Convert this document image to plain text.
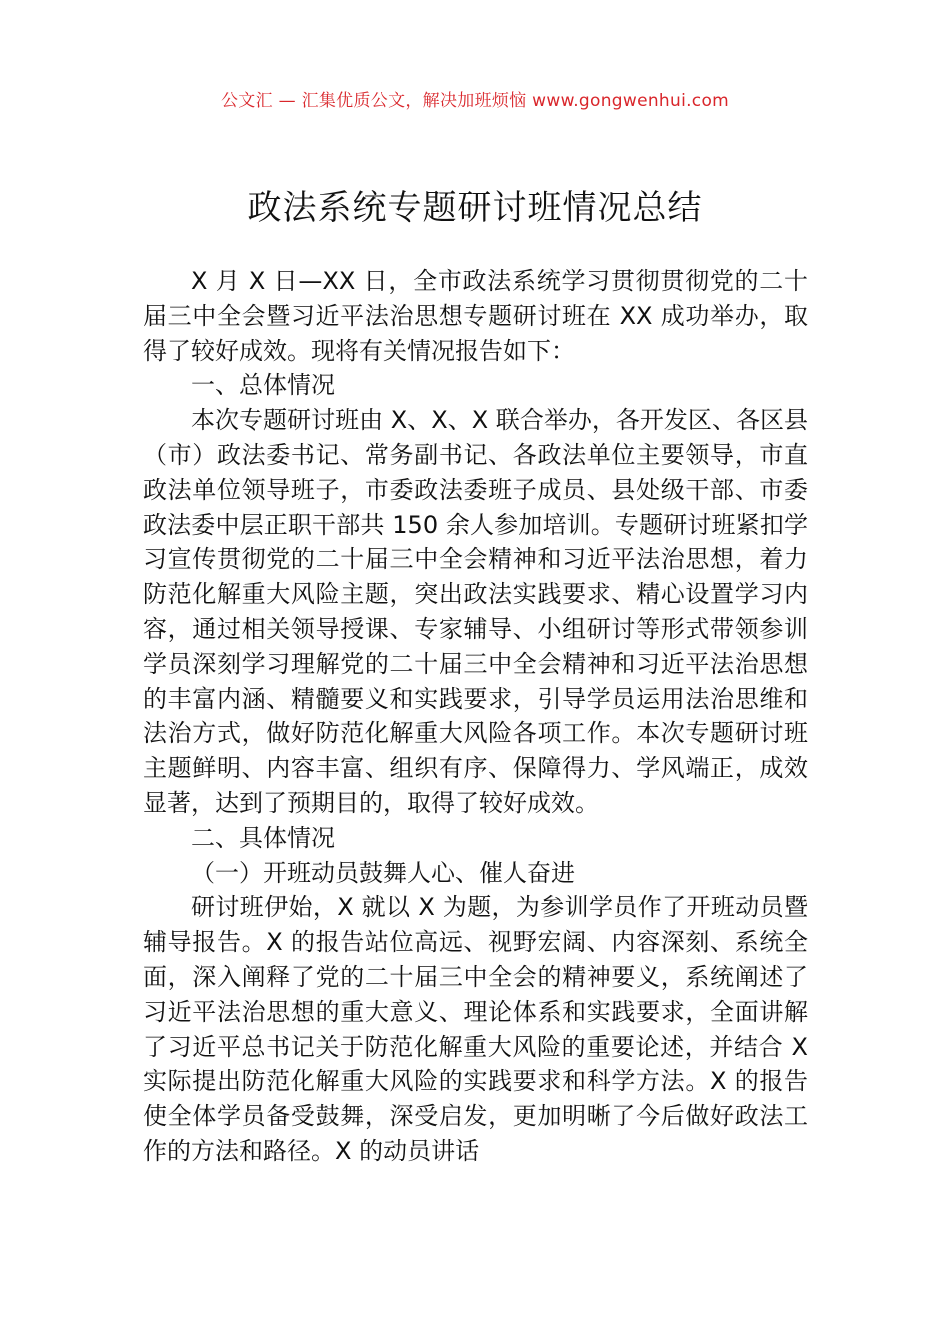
公文汇 — 汇集优质公文，解决加班烦恼 www.gongwenhui.com
政法系统专题研讨班情况总结

X 月 X 日—XX 日，全市政法系统学习贯彻贯彻党的二十届三中全会暨习近平法治思想专题研讨班在 XX 成功举办，取得了较好成效。现将有关情况报告如下：

一、总体情况

本次专题研讨班由 X、X、X 联合举办，各开发区、各区县（市）政法委书记、常务副书记、各政法单位主要领导，市直政法单位领导班子，市委政法委班子成员、县处级干部、市委政法委中层正职干部共 150 余人参加培训。专题研讨班紧扣学习宣传贯彻党的二十届三中全会精神和习近平法治思想，着力防范化解重大风险主题，突出政法实践要求、精心设置学习内容，通过相关领导授课、专家辅导、小组研讨等形式带领参训学员深刻学习理解党的二十届三中全会精神和习近平法治思想的丰富内涵、精髓要义和实践要求，引导学员运用法治思维和法治方式，做好防范化解重大风险各项工作。本次专题研讨班主题鲜明、内容丰富、组织有序、保障得力、学风端正，成效显著，达到了预期目的，取得了较好成效。

二、具体情况

（一）开班动员鼓舞人心、催人奋进

研讨班伊始，X 就以 X 为题，为参训学员作了开班动员暨辅导报告。X 的报告站位高远、视野宏阔、内容深刻、系统全面，深入阐释了党的二十届三中全会的精神要义，系统阐述了习近平法治思想的重大意义、理论体系和实践要求，全面讲解了习近平总书记关于防范化解重大风险的重要论述，并结合 X 实际提出防范化解重大风险的实践要求和科学方法。X 的报告使全体学员备受鼓舞，深受启发，更加明晰了今后做好政法工作的方法和路径。X 的动员讲话
